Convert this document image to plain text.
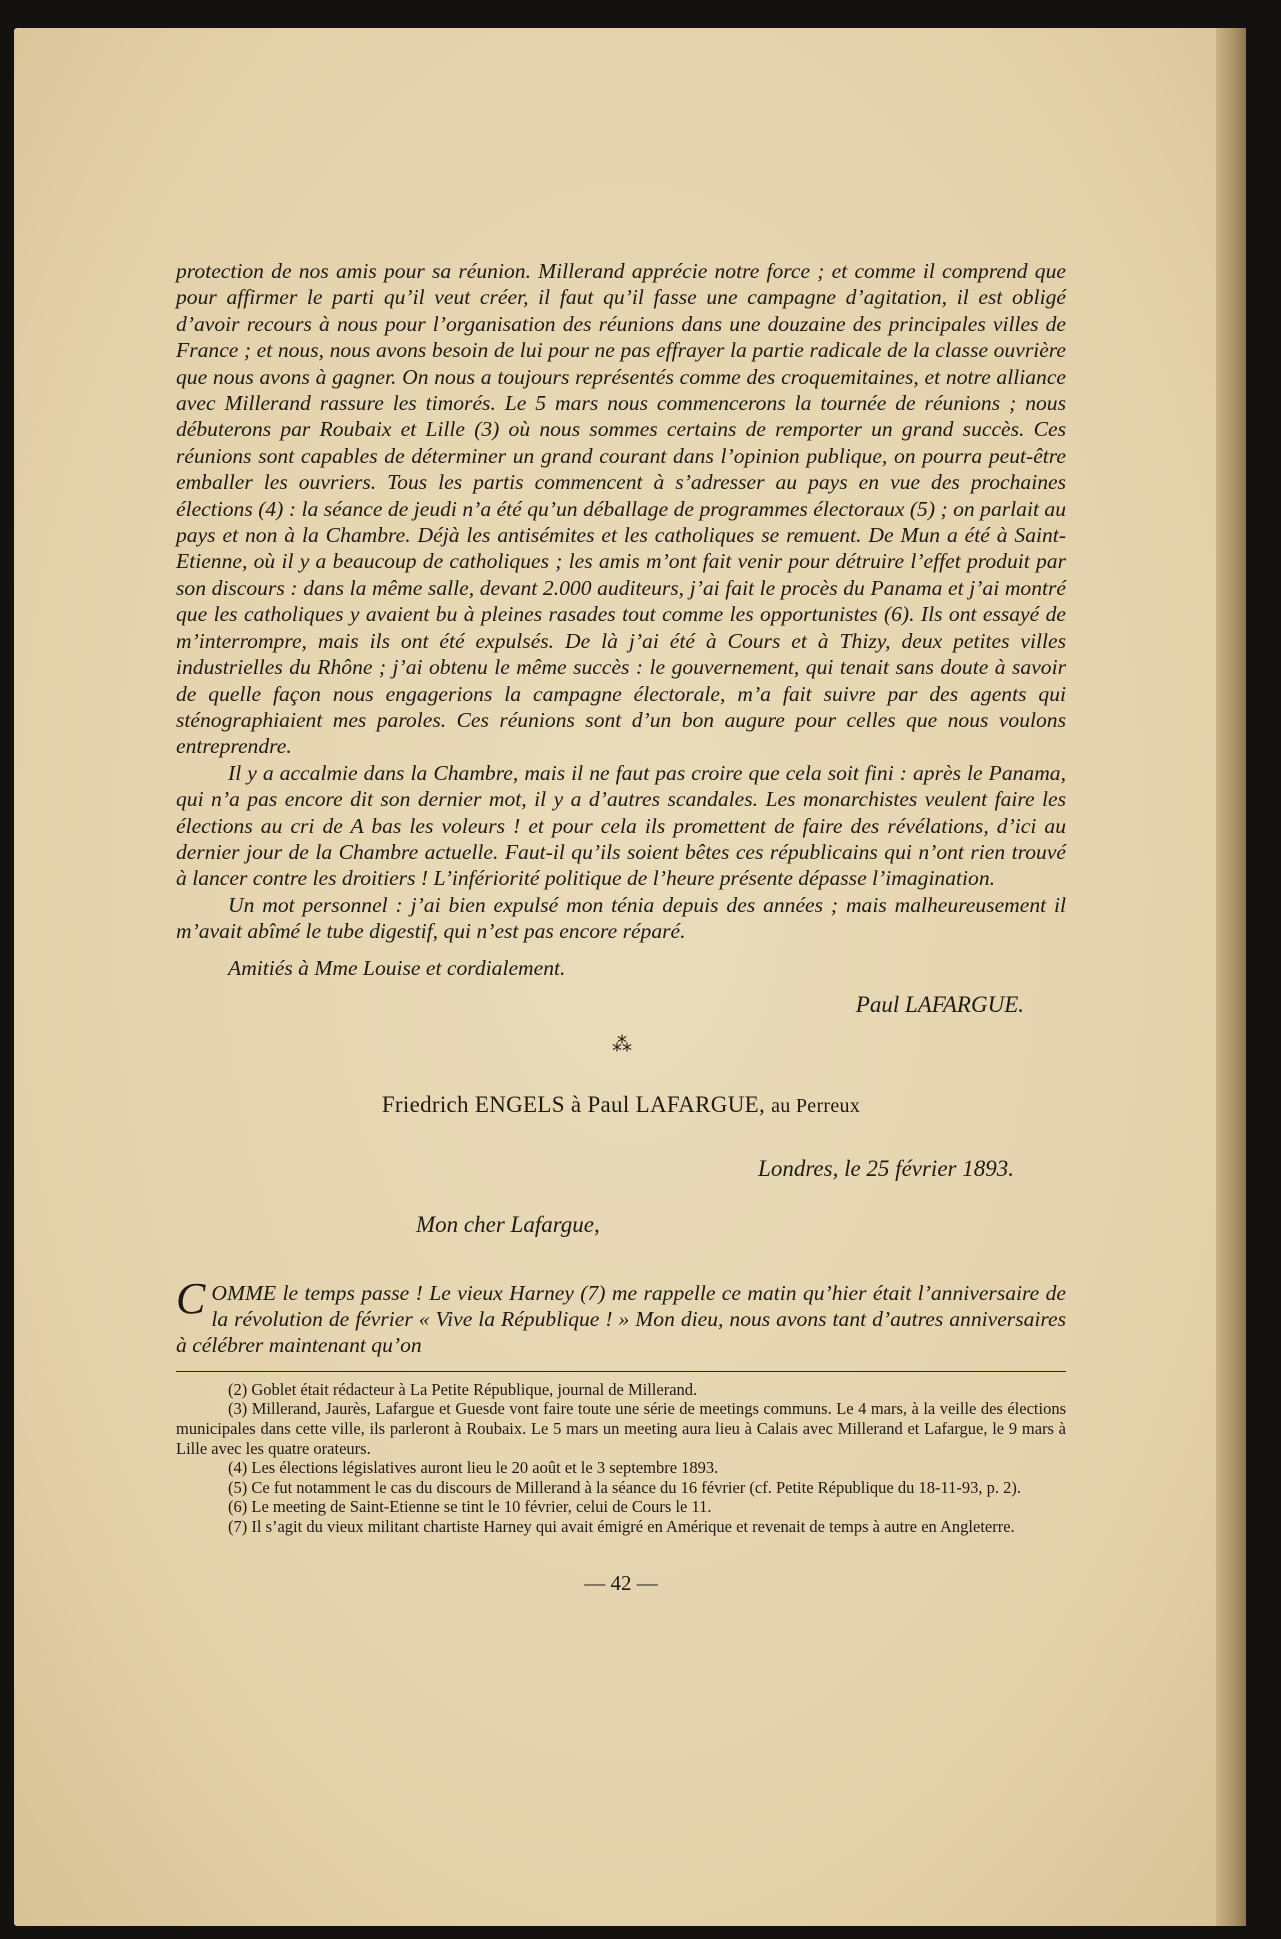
protection de nos amis pour sa réunion. Millerand apprécie notre force ; et comme il comprend que pour affirmer le parti qu’il veut créer, il faut qu’il fasse une campagne d’agitation, il est obligé d’avoir recours à nous pour l’organisation des réunions dans une douzaine des principales villes de France ; et nous, nous avons besoin de lui pour ne pas effrayer la partie radicale de la classe ouvrière que nous avons à gagner. On nous a toujours représentés comme des croquemitaines, et notre alliance avec Millerand rassure les timorés. Le 5 mars nous commencerons la tournée de réunions ; nous débuterons par Roubaix et Lille (3) où nous sommes certains de remporter un grand succès. Ces réunions sont capables de déterminer un grand courant dans l’opinion publique, on pourra peut-être emballer les ouvriers. Tous les partis commencent à s’adresser au pays en vue des prochaines élections (4) : la séance de jeudi n’a été qu’un déballage de programmes électoraux (5) ; on parlait au pays et non à la Chambre. Déjà les antisémites et les catholiques se remuent. De Mun a été à Saint-Etienne, où il y a beaucoup de catholiques ; les amis m’ont fait venir pour détruire l’effet produit par son discours : dans la même salle, devant 2.000 auditeurs, j’ai fait le procès du Panama et j’ai montré que les catholiques y avaient bu à pleines rasades tout comme les opportunistes (6). Ils ont essayé de m’interrompre, mais ils ont été expulsés. De là j’ai été à Cours et à Thizy, deux petites villes industrielles du Rhône ; j’ai obtenu le même succès : le gouvernement, qui tenait sans doute à savoir de quelle façon nous engagerions la campagne électorale, m’a fait suivre par des agents qui sténographiaient mes paroles. Ces réunions sont d’un bon augure pour celles que nous voulons entreprendre.

Il y a accalmie dans la Chambre, mais il ne faut pas croire que cela soit fini : après le Panama, qui n’a pas encore dit son dernier mot, il y a d’autres scandales. Les monarchistes veulent faire les élections au cri de A bas les voleurs ! et pour cela ils promettent de faire des révélations, d’ici au dernier jour de la Chambre actuelle. Faut-il qu’ils soient bêtes ces républicains qui n’ont rien trouvé à lancer contre les droitiers ! L’infériorité politique de l’heure présente dépasse l’imagination.

Un mot personnel : j’ai bien expulsé mon ténia depuis des années ; mais malheureusement il m’avait abîmé le tube digestif, qui n’est pas encore réparé.

Amitiés à Mme Louise et cordialement.

Paul LAFARGUE.

⁂
Friedrich ENGELS à Paul LAFARGUE, au Perreux
Londres, le 25 février 1893.
Mon cher Lafargue,
C OMME le temps passe ! Le vieux Harney (7) me rappelle ce matin qu’hier était l’anniversaire de la révolution de février « Vive la République ! » Mon dieu, nous avons tant d’autres anniversaires à célébrer maintenant qu’on

(2) Goblet était rédacteur à La Petite République, journal de Millerand.

(3) Millerand, Jaurès, Lafargue et Guesde vont faire toute une série de meetings communs. Le 4 mars, à la veille des élections municipales dans cette ville, ils parleront à Roubaix. Le 5 mars un meeting aura lieu à Calais avec Millerand et Lafargue, le 9 mars à Lille avec les quatre orateurs.

(4) Les élections législatives auront lieu le 20 août et le 3 septembre 1893.

(5) Ce fut notamment le cas du discours de Millerand à la séance du 16 février (cf. Petite République du 18-11-93, p. 2).

(6) Le meeting de Saint-Etienne se tint le 10 février, celui de Cours le 11.

(7) Il s’agit du vieux militant chartiste Harney qui avait émigré en Amérique et revenait de temps à autre en Angleterre.

— 42 —
